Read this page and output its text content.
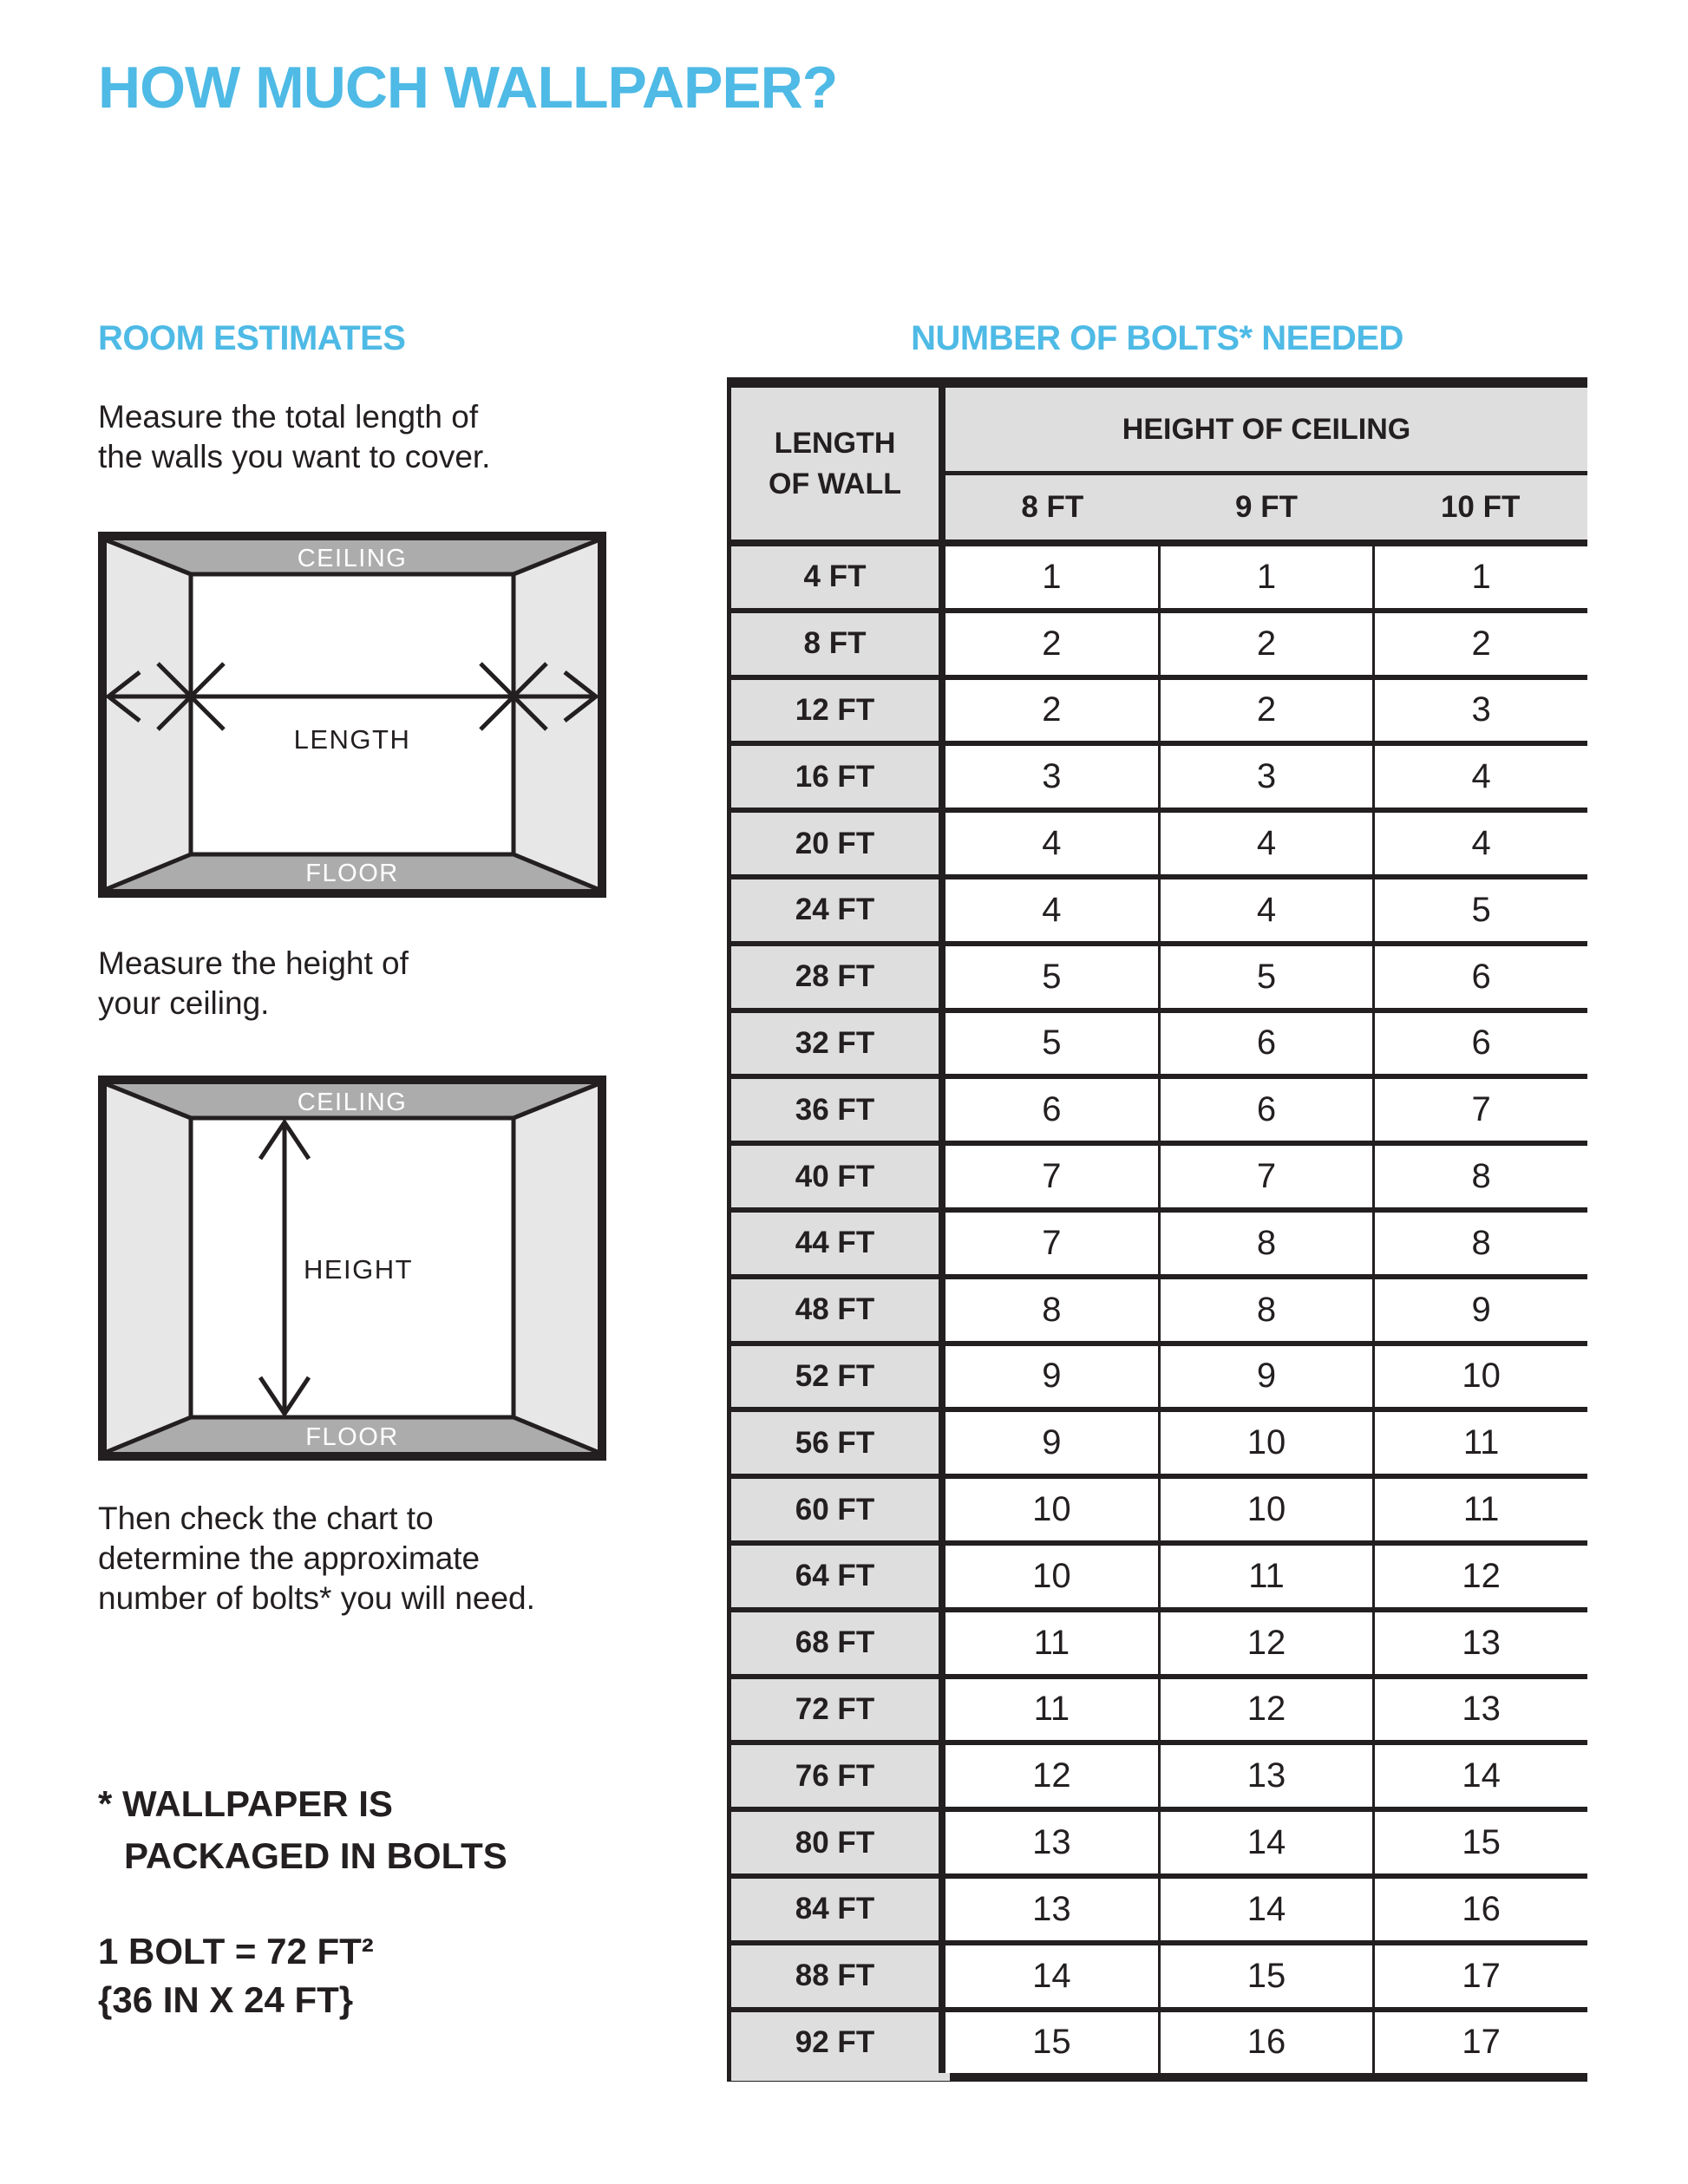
HOW MUCH WALLPAPER?
ROOM ESTIMATES	NUMBER OF BOLTS* NEEDED
Measure the total length of
the walls you want to cover.
CEILING
FLOOR
LENGTH
Measure the height of
your ceiling.
CEILING
FLOOR
HEIGHT
Then check the chart to
determine the approximate
number of bolts* you will need.
* WALLPAPER IS
PACKAGED IN BOLTS
1 BOLT = 72 FT²
{36 IN X 24 FT}
LENGTH
OF WALL
HEIGHT OF CEILING
8 FT	9 FT	10 FT
4 FT	1	1	1
8 FT	2	2	2
12 FT	2	2	3
16 FT	3	3	4
20 FT	4	4	4
24 FT	4	4	5
28 FT	5	5	6
32 FT	5	6	6
36 FT	6	6	7
40 FT	7	7	8
44 FT	7	8	8
48 FT	8	8	9
52 FT	9	9	10
56 FT	9	10	11
60 FT	10	10	11
64 FT	10	11	12
68 FT	11	12	13
72 FT	11	12	13
76 FT	12	13	14
80 FT	13	14	15
84 FT	13	14	16
88 FT	14	15	17
92 FT	15	16	17
